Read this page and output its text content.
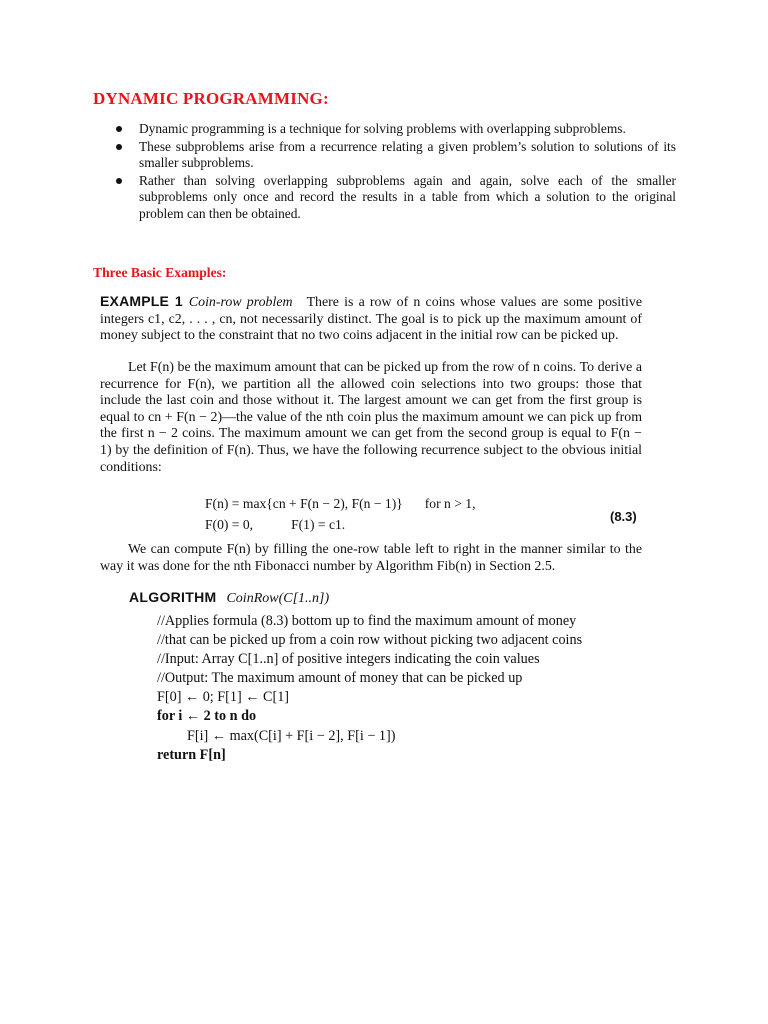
DYNAMIC PROGRAMMING:
Dynamic programming is a technique for solving problems with overlapping subproblems.
These subproblems arise from a recurrence relating a given problem’s solution to solutions of its smaller subproblems.
Rather than solving overlapping subproblems again and again, solve each of the smaller subproblems only once and record the results in a table from which a solution to the original problem can then be obtained.
Three Basic Examples:
EXAMPLE 1 Coin-row problem There is a row of n coins whose values are some positive integers c1, c2, . . . , cn, not necessarily distinct. The goal is to pick up the maximum amount of money subject to the constraint that no two coins adjacent in the initial row can be picked up.
Let F(n) be the maximum amount that can be picked up from the row of n coins. To derive a recurrence for F(n), we partition all the allowed coin selections into two groups: those that include the last coin and those without it. The largest amount we can get from the first group is equal to cn + F(n − 2)—the value of the nth coin plus the maximum amount we can pick up from the first n − 2 coins. The maximum amount we can get from the second group is equal to F(n − 1) by the definition of F(n). Thus, we have the following recurrence subject to the obvious initial conditions:
F(n) = max{cn + F(n − 2), F(n − 1)} for n > 1,
F(0) = 0,	F(1) = c1.
(8.3)
We can compute F(n) by filling the one-row table left to right in the manner similar to the way it was done for the nth Fibonacci number by Algorithm Fib(n) in Section 2.5.
ALGORITHM CoinRow(C[1..n])
//Applies formula (8.3) bottom up to find the maximum amount of money
//that can be picked up from a coin row without picking two adjacent coins
//Input: Array C[1..n] of positive integers indicating the coin values
//Output: The maximum amount of money that can be picked up
F[0] ← 0; F[1] ← C[1]
for i ← 2 to n do
F[i] ← max(C[i] + F[i − 2], F[i − 1])
return F[n]
